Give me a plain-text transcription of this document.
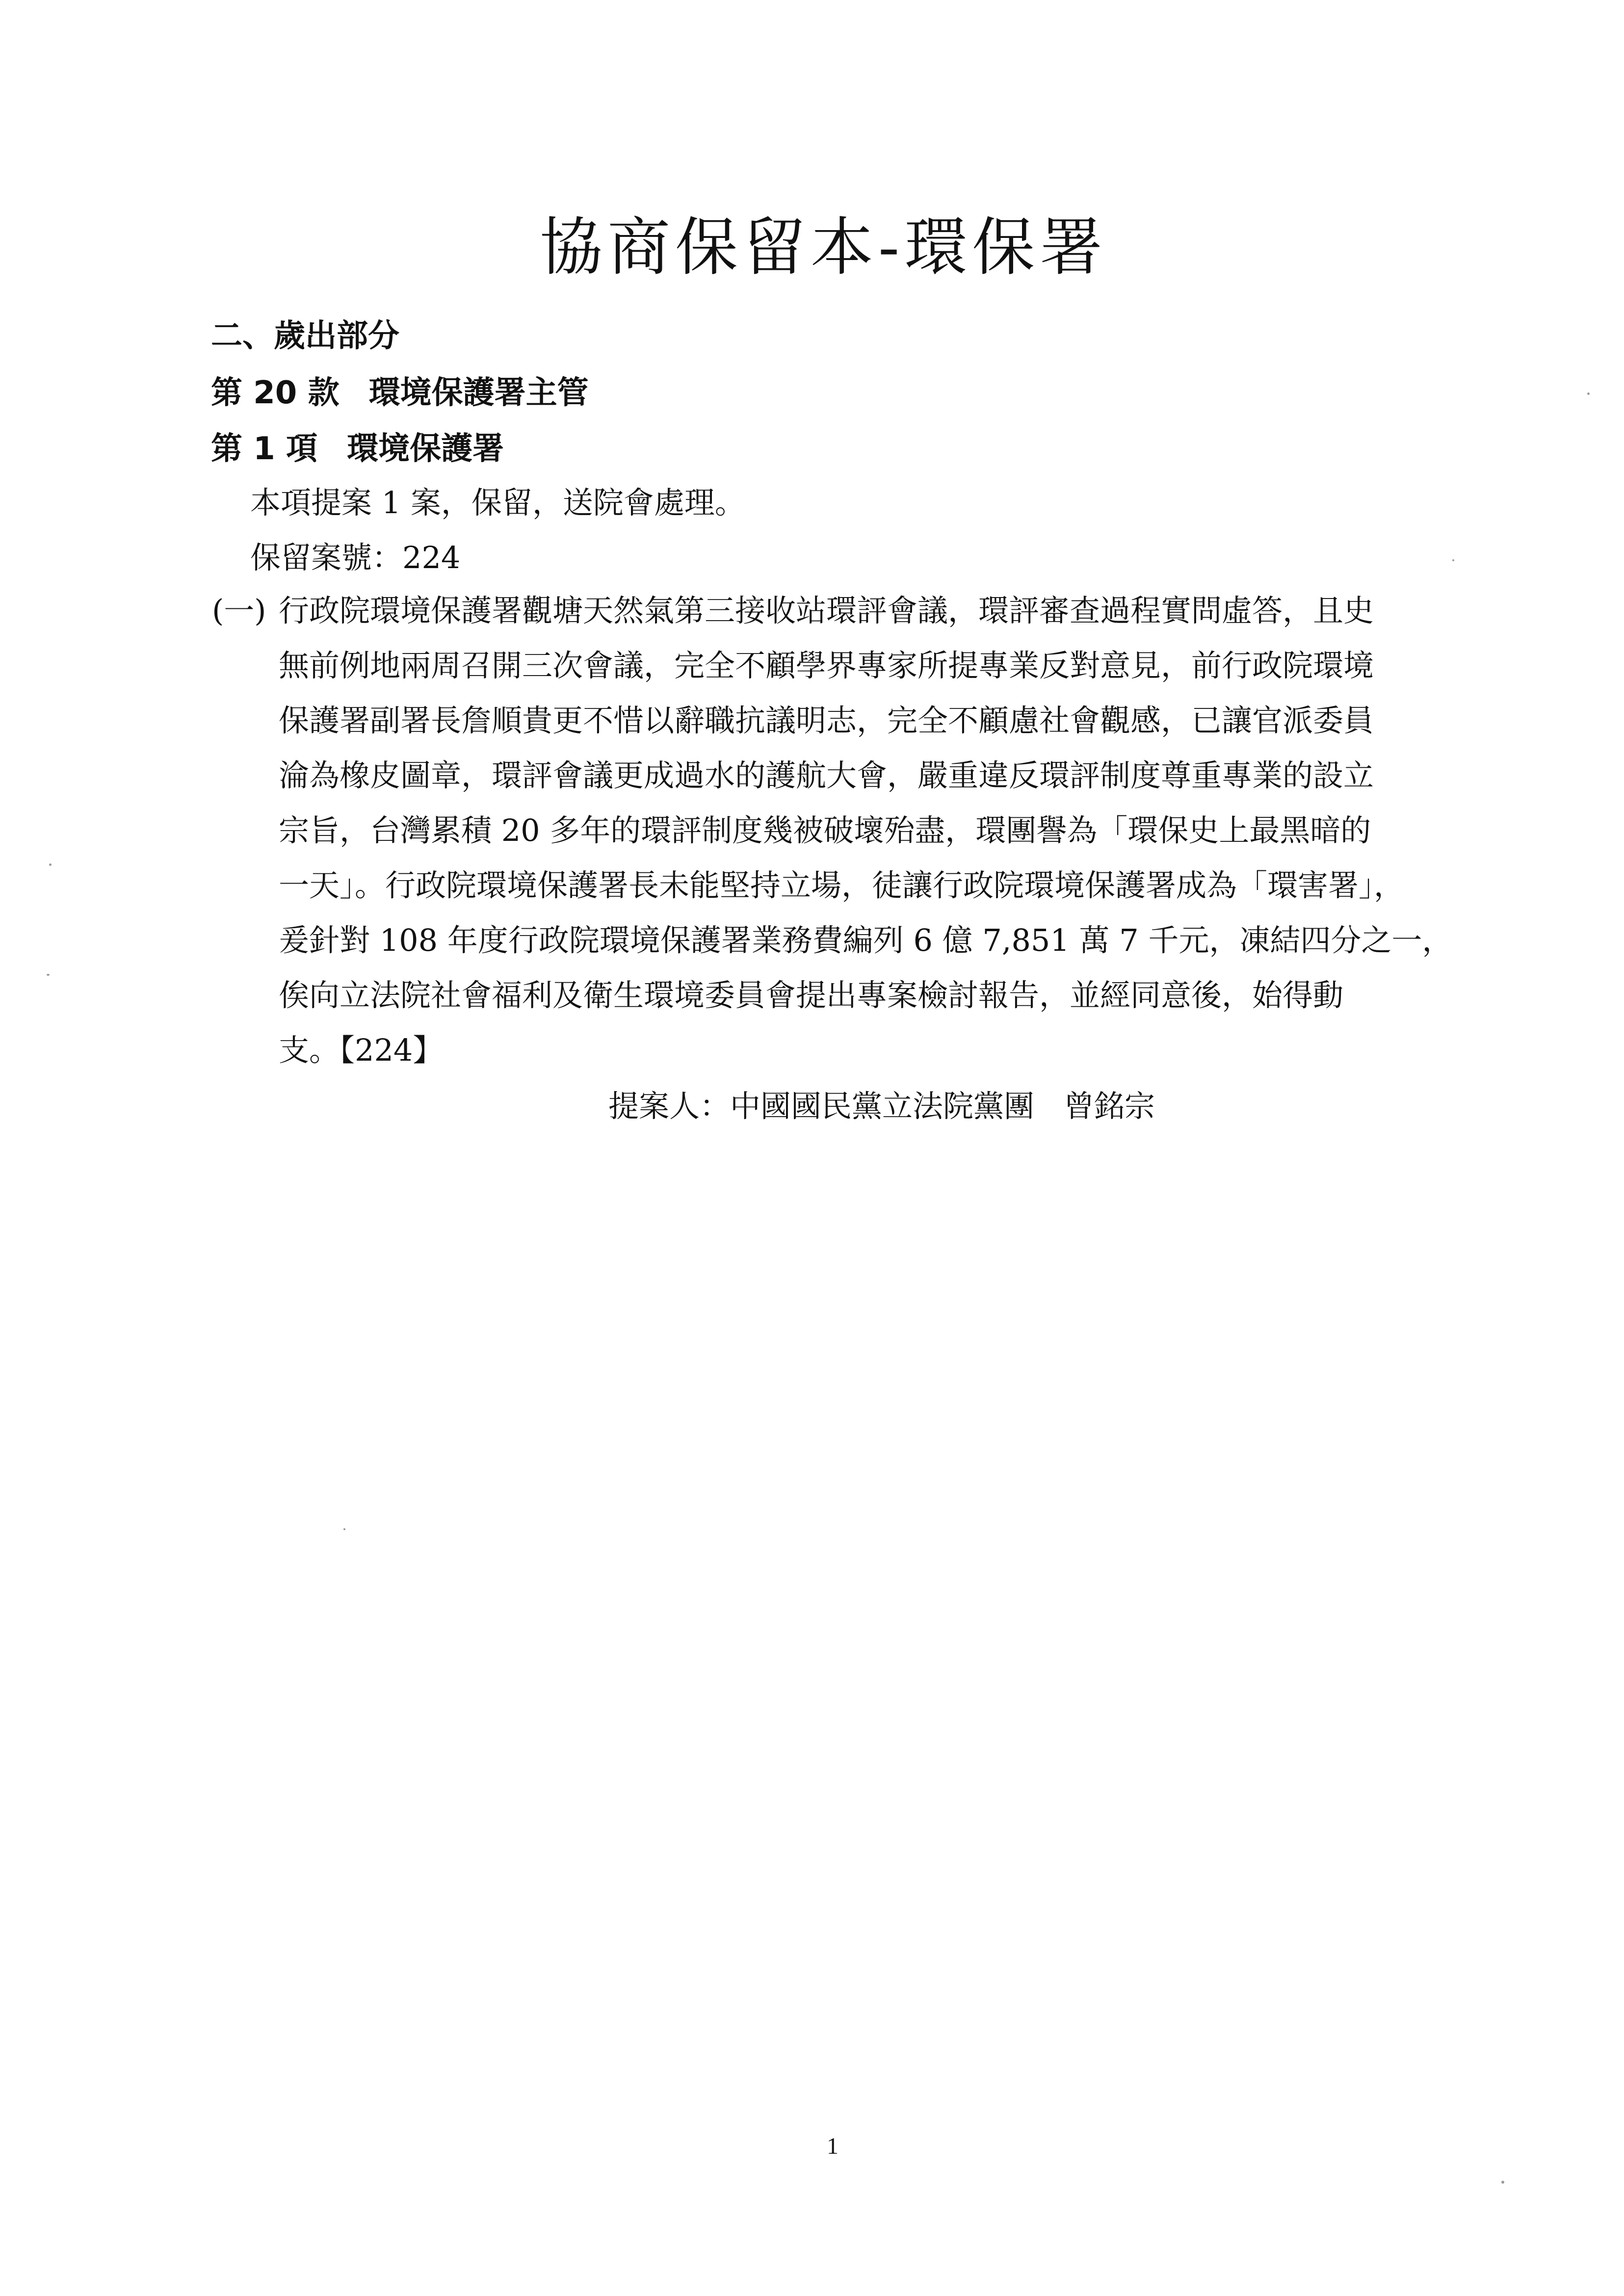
協商保留本-環保署
二、歲出部分
第 20 款 環境保護署主管
第 1 項 環境保護署
本項提案 1 案，保留，送院會處理。
保留案號：224
(一) 行政院環境保護署觀塘天然氣第三接收站環評會議，環評審查過程實問虛答，且史
無前例地兩周召開三次會議，完全不顧學界專家所提專業反對意見，前行政院環境
保護署副署長詹順貴更不惜以辭職抗議明志，完全不顧慮社會觀感，已讓官派委員
淪為橡皮圖章，環評會議更成過水的護航大會，嚴重違反環評制度尊重專業的設立
宗旨，台灣累積 20 多年的環評制度幾被破壞殆盡，環團譽為「環保史上最黑暗的
一天」。行政院環境保護署長未能堅持立場，徒讓行政院環境保護署成為「環害署」，
爰針對 108 年度行政院環境保護署業務費編列 6 億 7,851 萬 7 千元，凍結四分之一，
俟向立法院社會福利及衛生環境委員會提出專案檢討報告，並經同意後，始得動
支。【224】
提案人：中國國民黨立法院黨團 曾銘宗
1
